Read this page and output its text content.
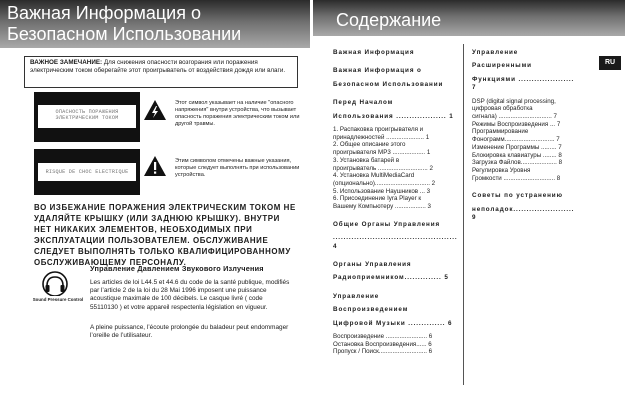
Важная Информация о
Безопасном Использовании
ВАЖНОЕ ЗАМЕЧАНИЕ: Для снижения опасности возгорания или поражения электрическим током оберегайте этот проигрыватель от воздействия дождя или влаги.
ОПАСНОСТЬ ПОРАЖЕНИЯ ЭЛЕКТРИЧЕСКИМ ТОКОМ
RISQUE DE CHOC ELECTRIQUE
Этот символ указывает на наличие "опасного напряжения" внутри устройства, что вызывает опасность поражения электрическим током или другой травмы.
Этим символом отмечены важные указания, которые следует выполнять при использовании устройства.
ВО ИЗБЕЖАНИЕ ПОРАЖЕНИЯ ЭЛЕКТРИЧЕСКИМ ТОКОМ НЕ УДАЛЯЙТЕ КРЫШКУ (ИЛИ ЗАДНЮЮ КРЫШКУ). ВНУТРИ НЕТ НИКАКИХ ЭЛЕМЕНТОВ, НЕОБХОДИМЫХ ПРИ ЭКСПЛУАТАЦИИ ПОЛЬЗОВАТЕЛЕМ. ОБСЛУЖИВАНИЕ СЛЕДУЕТ ВЫПОЛНЯТЬ ТОЛЬКО КВАЛИФИЦИРОВАННОМУ ОБСЛУЖИВАЮЩЕМУ ПЕРСОНАЛУ.
Управление Давлением Звукового Излучения
Sound Pressure Control
Les articles de loi L44.5 et 44.6 du code de la santé publique, modifiés par l’article 2 de la loi du 28 Mai 1996 imposent une puissance acoustique maximale de 100 décibels. Le casque livré ( code 55110130 ) et votre appareil respectenla législation en vigueur.
A pleine puissance, l’écoute prolongée du baladeur peut endommager l’oreille de l’utilisateur.
Содержание
RU
Важная Информация
Важная Информация о
Безопасном Использовании
Перед Началом
Использования ................... 1
1. Распаковка проигрывателя и
принадлежностей ...................... 1
2. Общее описание этого
проигрывателя MP3 ................... 1
3. Установка батарей в
проигрыватель ............................. 2
4. Установка MultiMediaCard
(опционально)................................ 2
5. Использование Наушников ... 3
6. Присоединение Iyra Player к
Вашему Компьютеру .................. 3
Общие Органы Управления
............................................... 4
Органы Управления
Радиоприемником.............. 5
Управление
Воспроизведением
Цифровой Музыки .............. 6
Воспроизведение ........................ 6
Остановка Воспроизведения...... 6
Пропуск / Поиск............................ 6
Управление
Расширенными
Функциями ..................... 7
DSP (digital signal processing,
цифровая обработка
сигнала) ............................... 7
Режимы Воспроизведения ... 7
Программирование
Фонограмм............................. 7
Изменение Программы ......... 7
Блокировка клавиатуры ........ 8
Загрузка Файлов..................... 8
Регулировка Уровня
Громкости .............................. 8
Советы по устранению
неполадок....................... 9
